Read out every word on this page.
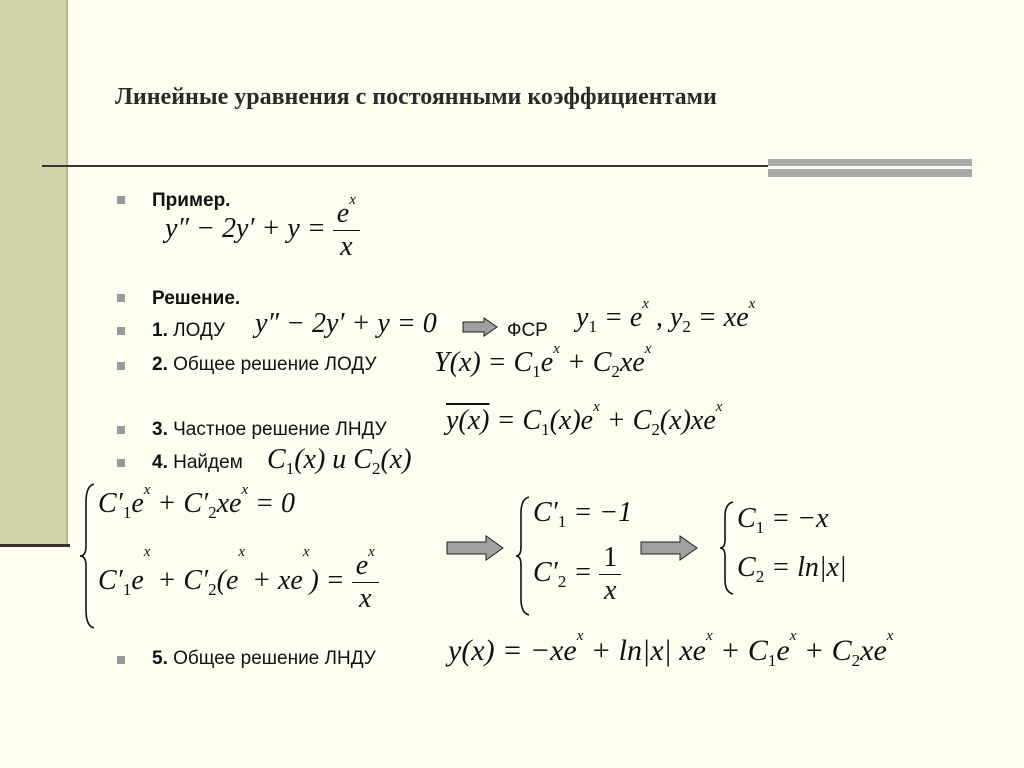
Линейные уравнения с постоянными коэффициентами
Пример.
$y'' - 2y' + y = \frac{e^x}{x}$
Решение.
1. ЛОДУ y″ − 2y′ + y = 0	ФСР $y_1 = e^x$ , $y_2 = xe^x$
2. Общее решение ЛОДУ $Y(x) = C_1e^x + C_2xe^x$
3. Частное решение ЛНДУ $y(x) = C_1(x)e^x + C_2(x)xe^x$
4. Найдем $C_1(x)$ и $C_2(x)$
$C'_1e^x + C'_2xe^x = 0$
$C'_1e^x + C'_2(e^x + xe^x) = \frac{e^x}{x}$
$C'_1 = -1$
$C'_2 = \frac{1}{x}$
$C_1 = -x$
$C_2 = \ln|x|$
5. Общее решение ЛНДУ $y(x) = -xe^x + \ln|x|$ $xe^x + C_1e^x + C_2xe^x$
